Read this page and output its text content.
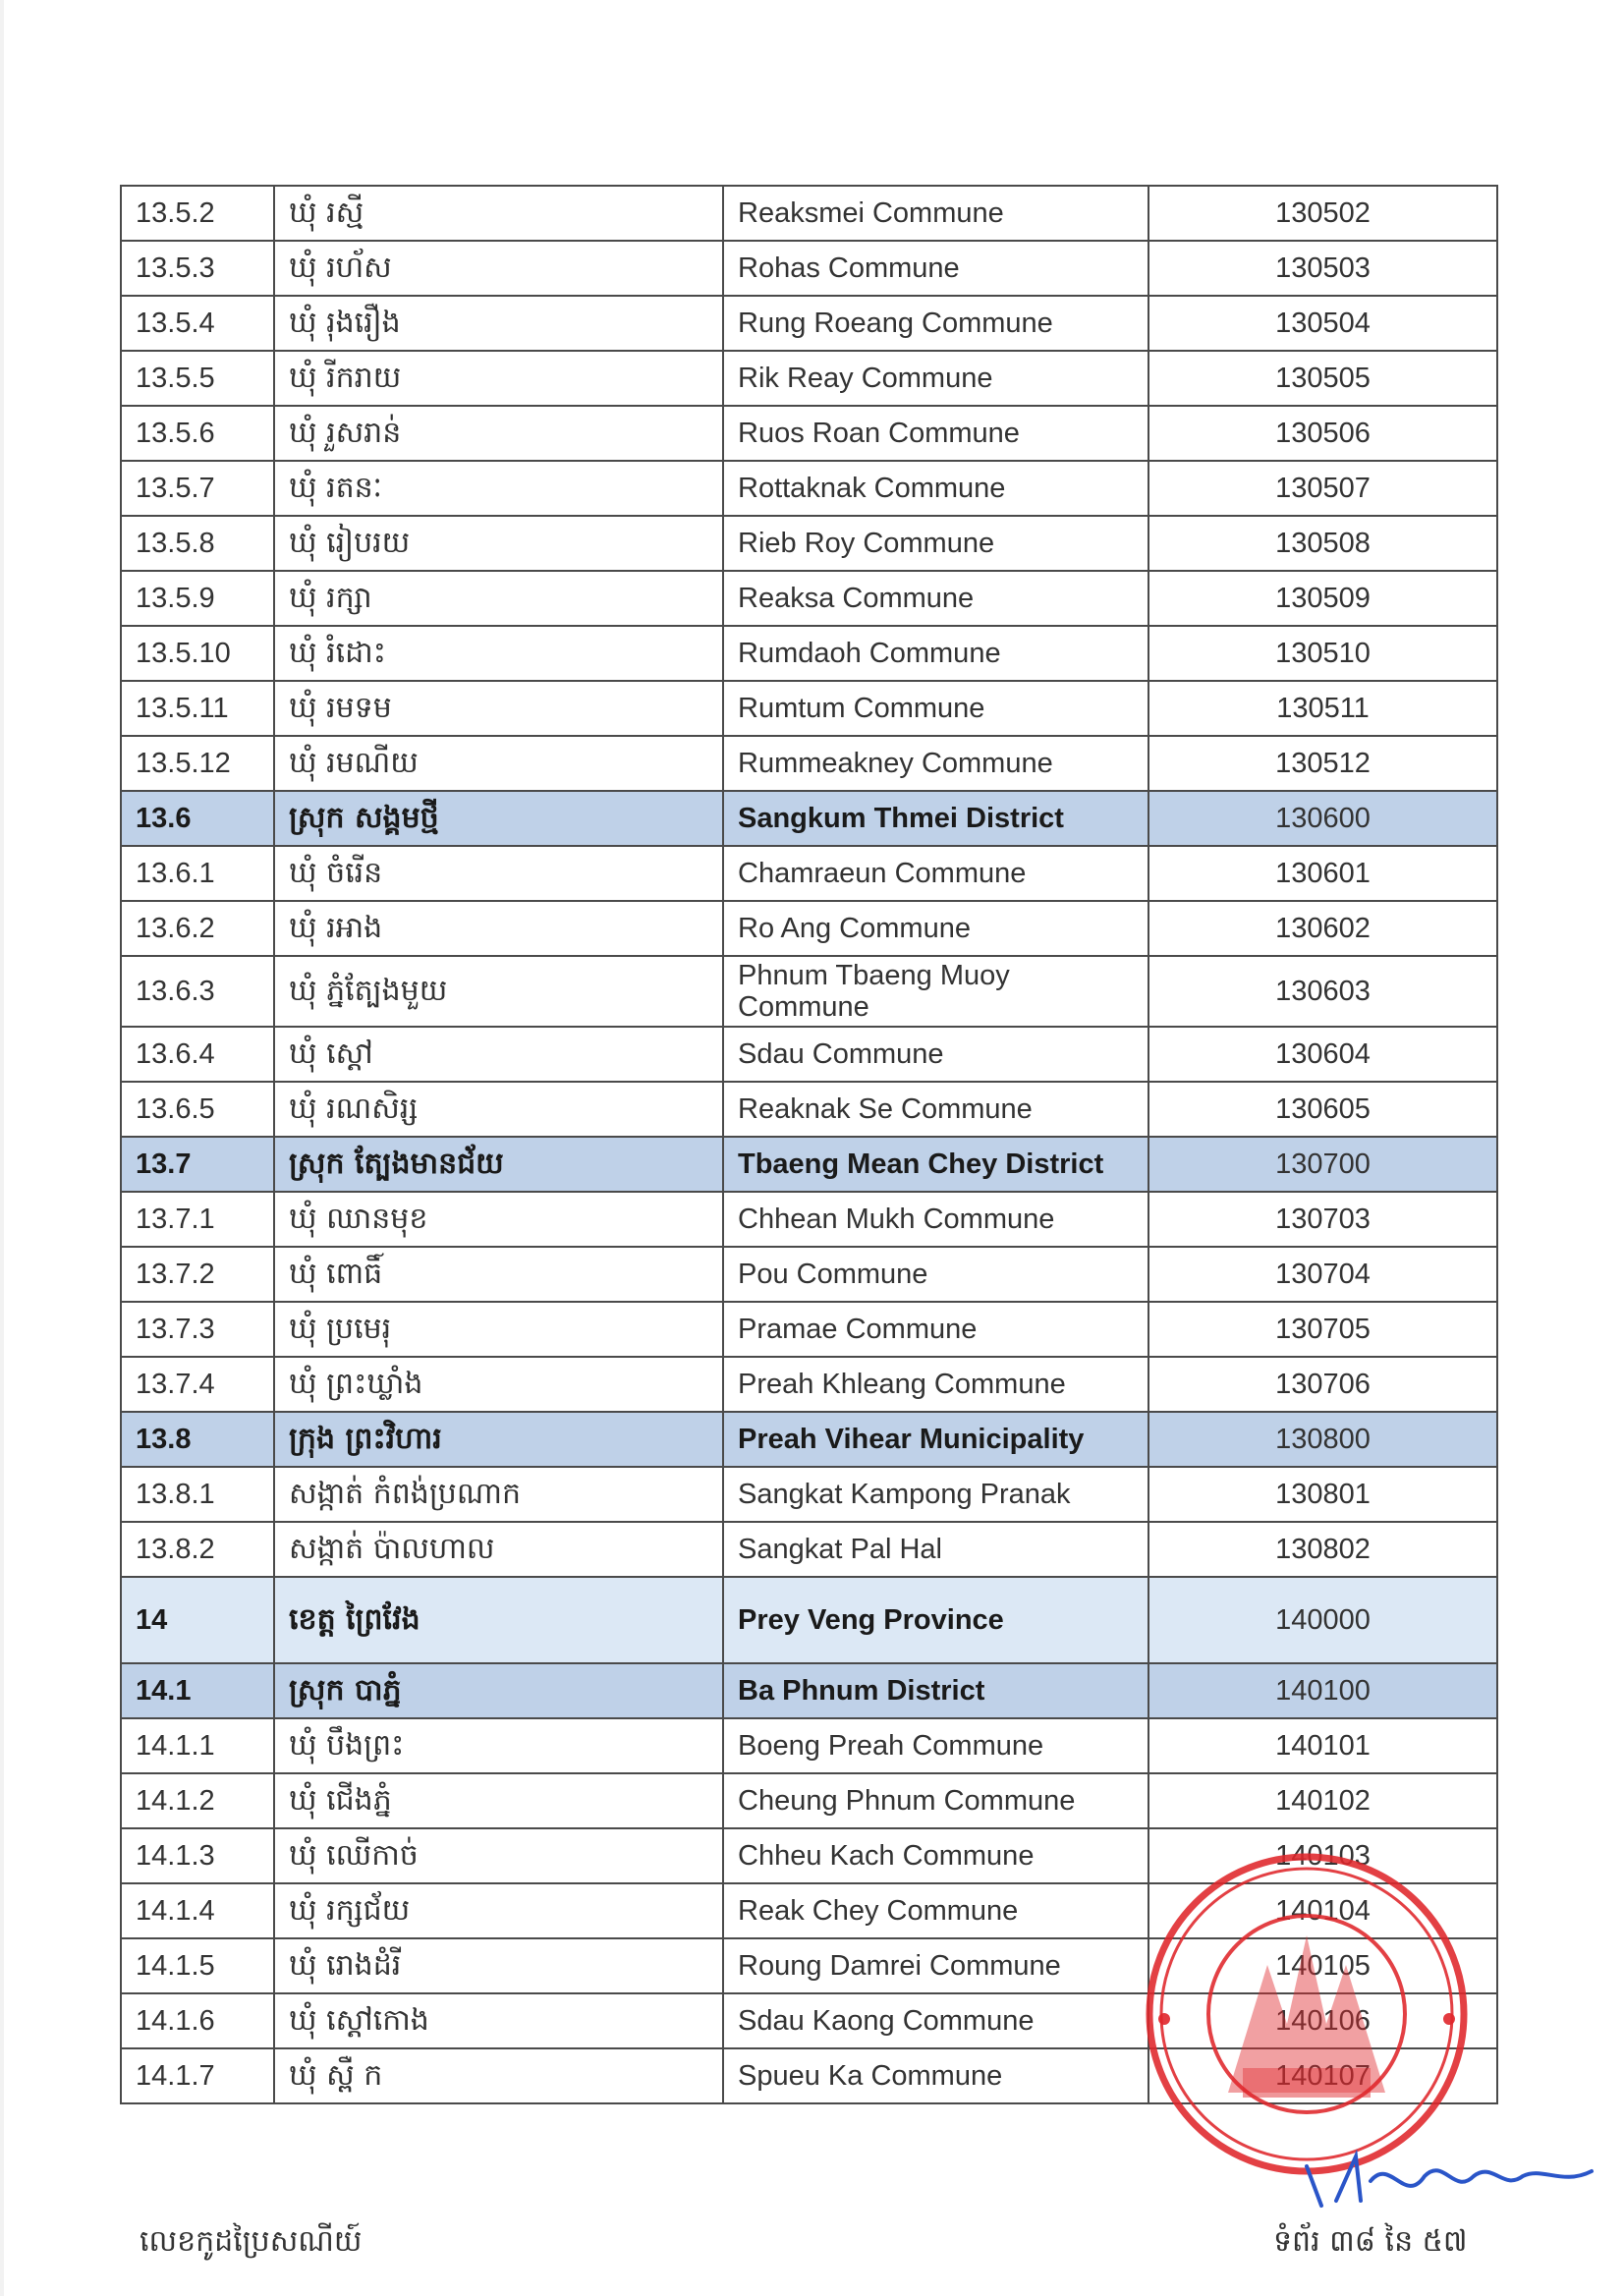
13.5.2	ឃុំ រស្មី	Reaksmei Commune	130502
13.5.3	ឃុំ រហ័ស	Rohas Commune	130503
13.5.4	ឃុំ រុងរឿង	Rung Roeang Commune	130504
13.5.5	ឃុំ រីករាយ	Rik Reay Commune	130505
13.5.6	ឃុំ រួសរាន់	Ruos Roan Commune	130506
13.5.7	ឃុំ រតនៈ	Rottaknak Commune	130507
13.5.8	ឃុំ រៀបរយ	Rieb Roy Commune	130508
13.5.9	ឃុំ រក្សា	Reaksa Commune	130509
13.5.10	ឃុំ រំដោះ	Rumdaoh Commune	130510
13.5.11	ឃុំ រមទម	Rumtum Commune	130511
13.5.12	ឃុំ រមណីយ	Rummeakney Commune	130512
13.6	ស្រុក សង្គមថ្មី	Sangkum Thmei District	130600
13.6.1	ឃុំ ចំរើន	Chamraeun Commune	130601
13.6.2	ឃុំ រអាង	Ro Ang Commune	130602
13.6.3	ឃុំ ភ្នំត្បែងមួយ	Phnum Tbaeng Muoy Commune	130603
13.6.4	ឃុំ ស្តៅ	Sdau Commune	130604
13.6.5	ឃុំ រណសិរ្ស	Reaknak Se Commune	130605
13.7	ស្រុក ត្បែងមានជ័យ	Tbaeng Mean Chey District	130700
13.7.1	ឃុំ ឈានមុខ	Chhean Mukh Commune	130703
13.7.2	ឃុំ ពោធិ៍	Pou Commune	130704
13.7.3	ឃុំ ប្រមេរុ	Pramae Commune	130705
13.7.4	ឃុំ ព្រះឃ្លាំង	Preah Khleang Commune	130706
13.8	ក្រុង ព្រះវិហារ	Preah Vihear Municipality	130800
13.8.1	សង្កាត់ កំពង់ប្រណាក	Sangkat Kampong Pranak	130801
13.8.2	សង្កាត់ ប៉ាលហាល	Sangkat Pal Hal	130802
14	ខេត្ត ព្រៃវែង	Prey Veng Province	140000
14.1	ស្រុក បាភ្នំ	Ba Phnum District	140100
14.1.1	ឃុំ បឹងព្រះ	Boeng Preah Commune	140101
14.1.2	ឃុំ ជើងភ្នំ	Cheung Phnum Commune	140102
14.1.3	ឃុំ ឈើកាច់	Chheu Kach Commune	140103
14.1.4	ឃុំ រក្សជ័យ	Reak Chey Commune	140104
14.1.5	ឃុំ រោងដំរី	Roung Damrei Commune	140105
14.1.6	ឃុំ ស្ដៅកោង	Sdau Kaong Commune	140106
14.1.7	ឃុំ ស្ពឺ ក	Spueu Ka Commune	140107
លេខកូដប្រៃសណីយ៍	ទំព័រ ៣៨ នៃ ៥៧
